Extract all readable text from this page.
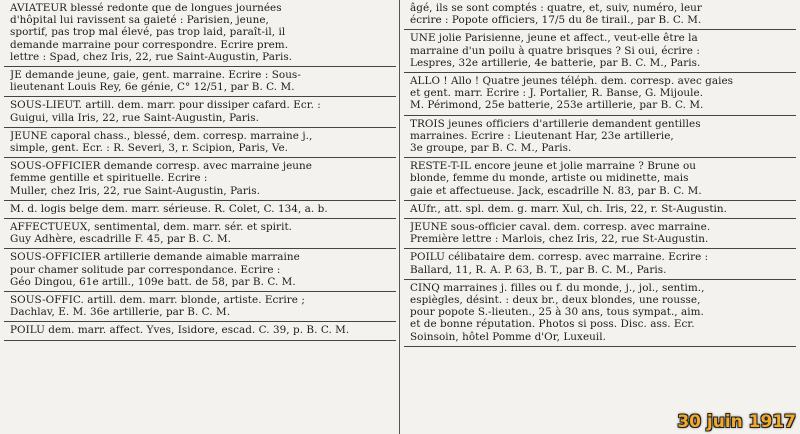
AVIATEUR blessé redonte que de longues journées
d'hôpital lui ravissent sa gaieté : Parisien, jeune,
sportif, pas trop mal élevé, pas trop laid, paraît-il, il
demande marraine pour correspondre. Ecrire prem.
lettre : Spad, chez Iris, 22, rue Saint-Augustin, Paris.
JE demande jeune, gaie, gent. marraine. Ecrire : Sous-
lieutenant Louis Rey, 6e génie, C° 12/51, par B. C. M.
SOUS-LIEUT. artill. dem. marr. pour dissiper cafard. Ecr. :
Guigui, villa Iris, 22, rue Saint-Augustin, Paris.
JEUNE caporal chass., blessé, dem. corresp. marraine j.,
simple, gent. Ecr. : R. Severi, 3, r. Scipion, Paris, Ve.
SOUS-OFFICIER demande corresp. avec marraine jeune
femme gentille et spirituelle. Ecrire :
Muller, chez Iris, 22, rue Saint-Augustin, Paris.
M. d. logis belge dem. marr. sérieuse. R. Colet, C. 134, a. b.
AFFECTUEUX, sentimental, dem. marr. sér. et spirit.
Guy Adhère, escadrille F. 45, par B. C. M.
SOUS-OFFICIER artillerie demande aimable marraine
pour chamer solitude par correspondance. Ecrire :
Géo Dingou, 61e artill., 109e batt. de 58, par B. C. M.
SOUS-OFFIC. artill. dem. marr. blonde, artiste. Ecrire ;
Dachlav, E. M. 36e artillerie, par B. C. M.
POILU dem. marr. affect. Yves, Isidore, escad. C. 39, p. B. C. M.
âgé, ils se sont comptés : quatre, et, suiv, numéro, leur
écrire : Popote officiers, 17/5 du 8e tirail., par B. C. M.
UNE jolie Parisienne, jeune et affect., veut-elle être la
marraine d'un poilu à quatre brisques ? Si oui, écrire :
Lespres, 32e artillerie, 4e batterie, par B. C. M., Paris.
ALLO ! Allo ! Quatre jeunes téléph. dem. corresp. avec gaies
et gent. marr. Ecrire : J. Portalier, R. Banse, G. Mijoule.
M. Périmond, 25e batterie, 253e artillerie, par B. C. M.
TROIS jeunes officiers d'artillerie demandent gentilles
marraines. Ecrire : Lieutenant Har, 23e artillerie,
3e groupe, par B. C. M., Paris.
RESTE-T-IL encore jeune et jolie marraine ? Brune ou
blonde, femme du monde, artiste ou midinette, mais
gaie et affectueuse. Jack, escadrille N. 83, par B. C. M.
AUfr., att. spl. dem. g. marr. Xul, ch. Iris, 22, r. St-Augustin.
JEUNE sous-officier caval. dem. corresp. avec marraine.
Première lettre : Marlois, chez Iris, 22, rue St-Augustin.
POILU célibataire dem. corresp. avec marraine. Ecrire :
Ballard, 11, R. A. P. 63, B. T., par B. C. M., Paris.
CINQ marraines j. filles ou f. du monde, j., jol., sentim.,
espiègles, désint. : deux br., deux blondes, une rousse,
pour popote S.-lieuten., 25 à 30 ans, tous sympat., aim.
et de bonne réputation. Photos si poss. Disc. ass. Ecr.
Soinsoin, hôtel Pomme d'Or, Luxeuil.
30 juin 1917
